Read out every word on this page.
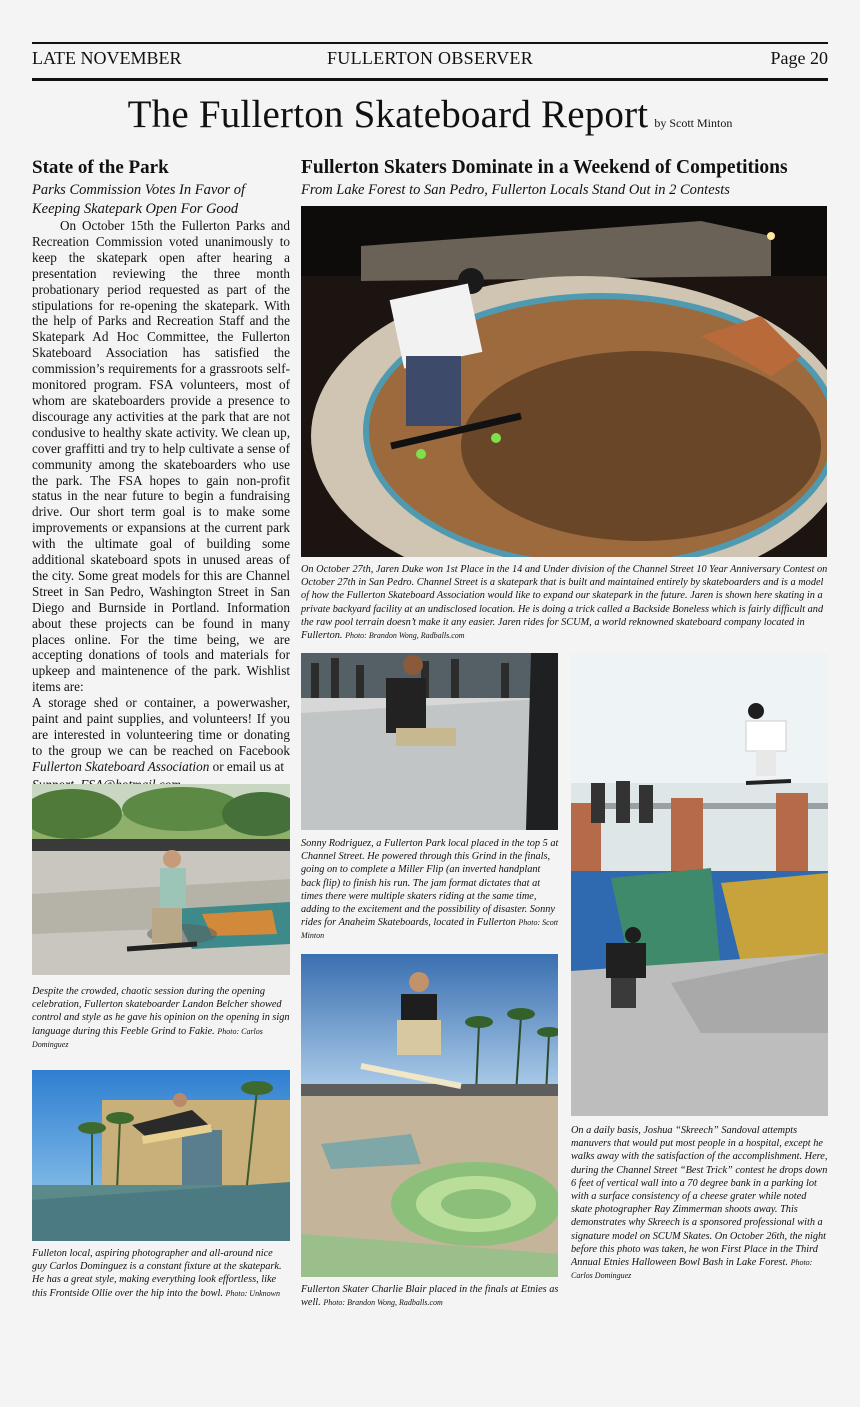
LATE NOVEMBER	FULLERTON OBSERVER	Page 20
The Fullerton Skateboard Report by Scott Minton
State of the Park
Parks Commission Votes In Favor of
Keeping Skatepark Open For Good
On October 15th the Fullerton Parks and Recreation Commission voted unanimously to keep the skatepark open after hearing a presentation reviewing the three month probationary period requested as part of the stipulations for re-opening the skatepark. With the help of Parks and Recreation Staff and the Skatepark Ad Hoc Committee, the Fullerton Skateboard Association has satisfied the commission’s requirements for a grassroots self-monitored program. FSA volunteers, most of whom are skateboarders provide a presence to discourage any activities at the park that are not condusive to healthy skate activity. We clean up, cover graffitti and try to help cultivate a sense of community among the skateboarders who use the park. The FSA hopes to gain non-profit status in the near future to begin a fundraising drive. Our short term goal is to make some improvements or expansions at the current park with the ultimate goal of building some additional skateboard spots in unused areas of the city. Some great models for this are Channel Street in San Pedro, Washington Street in San Diego and Burnside in Portland. Information about these projects can be found in many places online. For the time being, we are accepting donations of tools and materials for upkeep and maintenence of the park. Wishlist items are:
A storage shed or container, a powerwasher, paint and paint supplies, and volunteers! If you are interested in volunteering time or donating to the group we can be reached on Facebook Fullerton Skateboard Association or email us at
Despite the crowded, chaotic session during the opening celebration, Fullerton skateboarder Landon Belcher showed control and style as he gave his opinion on the opening in sign language during this Feeble Grind to Fakie. Photo: Carlos Dominguez
Fulleton local, aspiring photographer and all-around nice guy Carlos Dominguez is a constant fixture at the skatepark. He has a great style, making everything look effortless, like this Frontside Ollie over the hip into the bowl. Photo: Unknown
Fullerton Skaters Dominate in a Weekend of Competitions
From Lake Forest to San Pedro, Fullerton Locals Stand Out in 2 Contests
On October 27th, Jaren Duke won 1st Place in the 14 and Under division of the Channel Street 10 Year Anniversary Contest on October 27th in San Pedro. Channel Street is a skatepark that is built and maintained entirely by skateboarders and is a model of how the Fullerton Skateboard Association would like to expand our skatepark in the future. Jaren is shown here skating in a private backyard facility at an undisclosed location. He is doing a trick called a Backside Boneless which is fairly difficult and the raw pool terrain doesn’t make it any easier. Jaren rides for SCUM, a world reknowned skateboard company located in Fullerton. Photo: Brandon Wong, Radballs.com
Sonny Rodriguez, a Fullerton Park local placed in the top 5 at Channel Street. He powered through this Grind in the finals, going on to complete a Miller Flip (an inverted handplant back flip) to finish his run. The jam format dictates that at times there were multiple skaters riding at the same time, adding to the excitement and the possibility of disaster. Sonny rides for Anaheim Skateboards, located in Fullerton Photo: Scott Minton
Fullerton Skater Charlie Blair placed in the finals at Etnies as well. Photo: Brandon Wong, Radballs.com
On a daily basis, Joshua “Skreech” Sandoval attempts manuvers that would put most people in a hospital, except he walks away with the satisfaction of the accomplishment. Here, during the Channel Street “Best Trick” contest he drops down 6 feet of vertical wall into a 70 degree bank in a parking lot with a surface consistency of a cheese grater while noted skate photographer Ray Zimmerman shoots away. This demonstrates why Skreech is a sponsored professional with a signature model on SCUM Skates. On October 26th, the night before this photo was taken, he won First Place in the Third Annual Etnies Halloween Bowl Bash in Lake Forest. Photo: Carlos Dominguez
